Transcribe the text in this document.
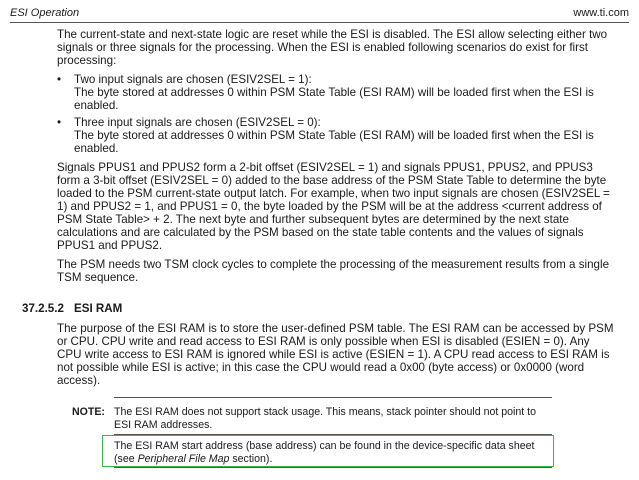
ESI Operation	www.ti.com

The current-state and next-state logic are reset while the ESI is disabled. The ESI allow selecting either two signals or three signals for the processing. When the ESI is enabled following scenarios do exist for first processing:

• Two input signals are chosen (ESIV2SEL = 1):
The byte stored at addresses 0 within PSM State Table (ESI RAM) will be loaded first when the ESI is enabled.
• Three input signals are chosen (ESIV2SEL = 0):
The byte stored at addresses 0 within PSM State Table (ESI RAM) will be loaded first when the ESI is enabled.

Signals PPUS1 and PPUS2 form a 2-bit offset (ESIV2SEL = 1) and signals PPUS1, PPUS2, and PPUS3 form a 3-bit offset (ESIV2SEL = 0) added to the base address of the PSM State Table to determine the byte loaded to the PSM current-state output latch. For example, when two input signals are chosen (ESIV2SEL = 1) and PPUS2 = 1, and PPUS1 = 0, the byte loaded by the PSM will be at the address <current address of PSM State Table> + 2. The next byte and further subsequent bytes are determined by the next state calculations and are calculated by the PSM based on the state table contents and the values of signals PPUS1 and PPUS2.

The PSM needs two TSM clock cycles to complete the processing of the measurement results from a single TSM sequence.

37.2.5.2 ESI RAM
The purpose of the ESI RAM is to store the user-defined PSM table. The ESI RAM can be accessed by PSM or CPU. CPU write and read access to ESI RAM is only possible when ESI is disabled (ESIEN = 0). Any CPU write access to ESI RAM is ignored while ESI is active (ESIEN = 1). A CPU read access to ESI RAM is not possible while ESI is active; in this case the CPU would read a 0x00 (byte access) or 0x0000 (word access).
NOTE: The ESI RAM does not support stack usage. This means, stack pointer should not point to ESI RAM addresses.
The ESI RAM start address (base address) can be found in the device-specific data sheet (see Peripheral File Map section).
